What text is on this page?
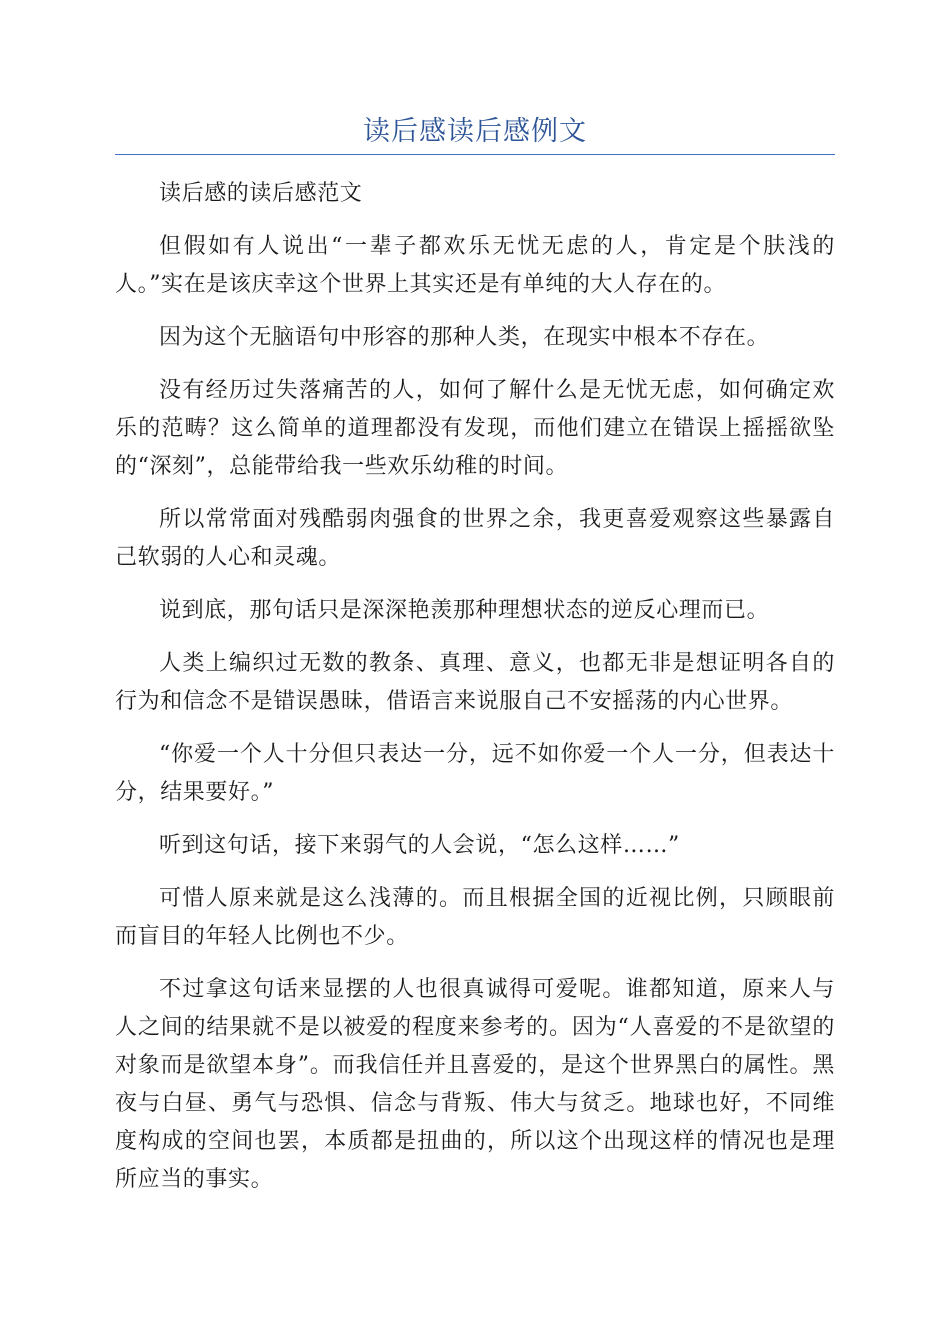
读后感读后感例文

读后感的读后感范文

但假如有人说出“一辈子都欢乐无忧无虑的人，肯定是个肤浅的人。”实在是该庆幸这个世界上其实还是有单纯的大人存在的。

因为这个无脑语句中形容的那种人类，在现实中根本不存在。

没有经历过失落痛苦的人，如何了解什么是无忧无虑，如何确定欢乐的范畴？这么简单的道理都没有发现，而他们建立在错误上摇摇欲坠的“深刻”，总能带给我一些欢乐幼稚的时间。

所以常常面对残酷弱肉强食的世界之余，我更喜爱观察这些暴露自己软弱的人心和灵魂。

说到底，那句话只是深深艳羡那种理想状态的逆反心理而已。

人类上编织过无数的教条、真理、意义，也都无非是想证明各自的行为和信念不是错误愚昧，借语言来说服自己不安摇荡的内心世界。

“你爱一个人十分但只表达一分，远不如你爱一个人一分，但表达十分，结果要好。”

听到这句话，接下来弱气的人会说，“怎么这样……”

可惜人原来就是这么浅薄的。而且根据全国的近视比例，只顾眼前而盲目的年轻人比例也不少。

不过拿这句话来显摆的人也很真诚得可爱呢。谁都知道，原来人与人之间的结果就不是以被爱的程度来参考的。因为“人喜爱的不是欲望的对象而是欲望本身”。而我信任并且喜爱的，是这个世界黑白的属性。黑夜与白昼、勇气与恐惧、信念与背叛、伟大与贫乏。地球也好，不同维度构成的空间也罢，本质都是扭曲的，所以这个出现这样的情况也是理所应当的事实。
